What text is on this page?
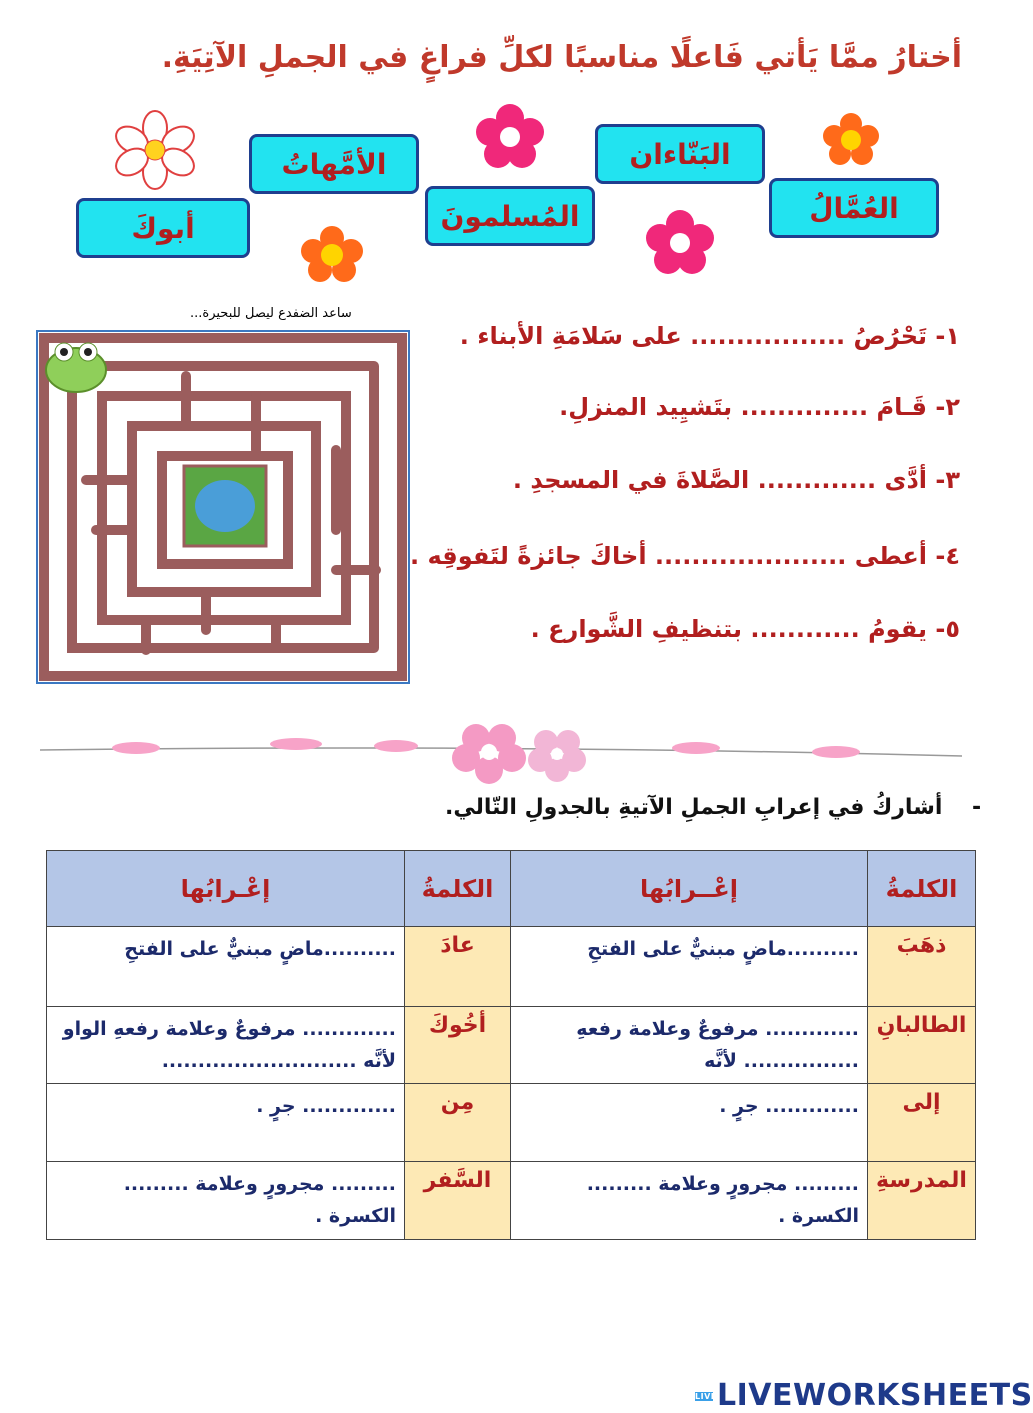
أختارُ ممَّا يَأتي فَاعلًا مناسبًا لكلِّ فراغٍ في الجملِ الآتِيَةِ.
البَنّاءان
الأمَّهاتُ
العُمَّالُ
المُسلمونَ
أبوكَ
ساعد الضفدع ليصل للبحيرة...
١- تَحْرُصُ ................. على سَلامَةِ الأبناء .
٢- قَـامَ .............. بتَشيِيد المنزلِ.
٣- أدَّى ............. الصَّلاةَ في المسجدِ .
٤- أعطى ..................... أخاكَ جائزةً لتَفوقِه .
٥- يقومُ ............ بتنظيفِ الشَّوارع .
- أشاركُ في إعرابِ الجملِ الآتيةِ بالجدولِ التّالي.
الكلمةُ	إعْــرابُها	الكلمةُ	إعْـرابُها
ذهَبَ	..........ماضٍ مبنيٌّ على الفتحِ	عادَ	..........ماضٍ مبنيٌّ على الفتحِ
الطالبانِ	............. مرفوعٌ وعلامة رفعهِ ................ لأنَّه	أخُوكَ	............. مرفوعٌ وعلامة رفعهِ الواو لأنَّه ...........................
إلى	............. جرٍ .	مِن	............. جرٍ .
المدرسةِ	......... مجرورٍ وعلامة ......... الكسرة .	السَّفر	......... مجرورٍ وعلامة ......... الكسرة .
LIVELIVEWORKSHEETS
